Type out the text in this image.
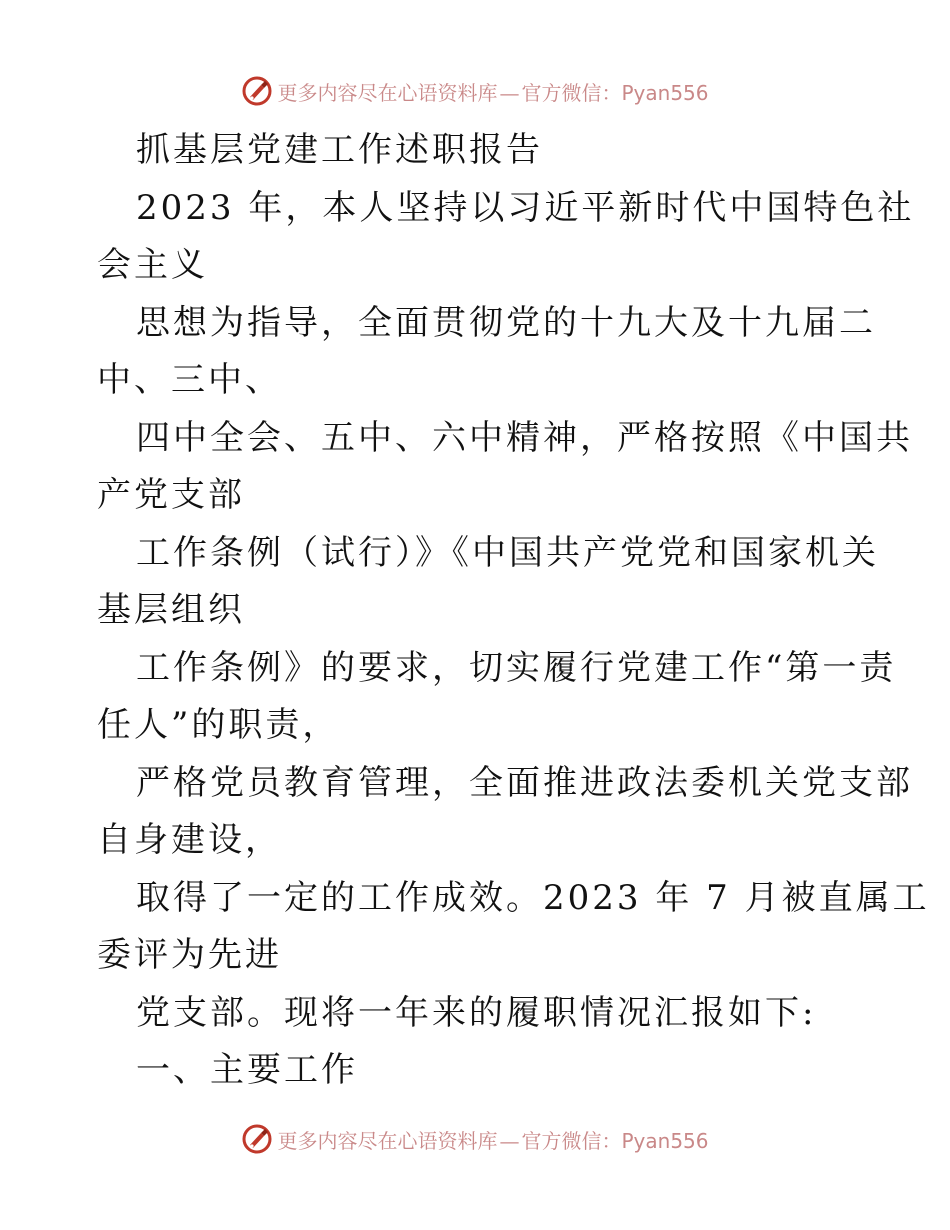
更多内容尽在心语资料库 — 官方微信：Pyan556
抓基层党建工作述职报告
2023 年，本人坚持以习近平新时代中国特色社
会主义
思想为指导，全面贯彻党的十九大及十九届二
中、三中、
四中全会、五中、六中精神，严格按照《中国共
产党支部
工作条例（试行）》《中国共产党党和国家机关
基层组织
工作条例》的要求，切实履行党建工作“第一责
任人”的职责，
严格党员教育管理，全面推进政法委机关党支部
自身建设，
取得了一定的工作成效。2023 年 7 月被直属工
委评为先进
党支部。现将一年来的履职情况汇报如下:
一、主要工作
更多内容尽在心语资料库 — 官方微信：Pyan556
